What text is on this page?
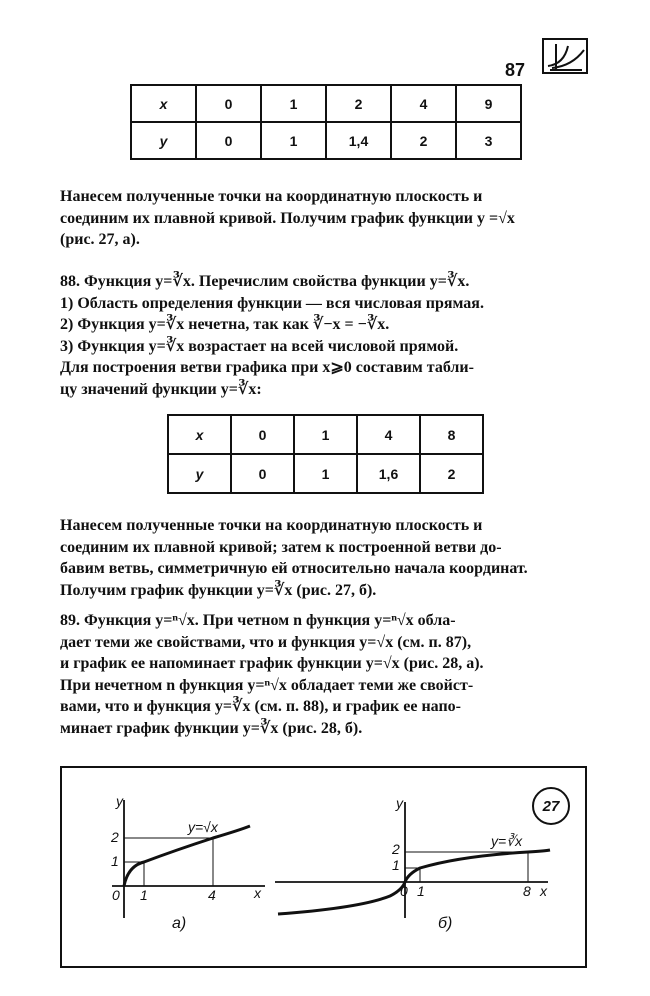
87
x	0	1	2	4	9
y	0	1	1,4	2	3

Нанесем полученные точки на координатную плоскость и
соединим их плавной кривой. Получим график функции y =√x
(рис. 27, а).

88. Функция y=∛x. Перечислим свойства функции y=∛x.
1) Область определения функции — вся числовая прямая.
2) Функция y=∛x нечетна, так как ∛−x = −∛x.
3) Функция y=∛x возрастает на всей числовой прямой.
Для построения ветви графика при x⩾0 составим табли-
цу значений функции y=∛x:

x	0	1	4	8
y	0	1	1,6	2

Нанесем полученные точки на координатную плоскость и
соединим их плавной кривой; затем к построенной ветви до-
бавим ветвь, симметричную ей относительно начала координат.
Получим график функции y=∛x (рис. 27, б).

89. Функция y=ⁿ√x. При четном n функция y=ⁿ√x обла-
дает теми же свойствами, что и функция y=√x (см. п. 87),
и график ее напоминает график функции y=√x (рис. 28, а).
При нечетном n функция y=ⁿ√x обладает теми же свойст-
вами, что и функция y=∛x (см. п. 88), и график ее напо-
минает график функции y=∛x (рис. 28, б).

y
x
y=√x
0 1	4
1
2
а)
y
x
y=∛x
0 1	8
1
2
б)
27
